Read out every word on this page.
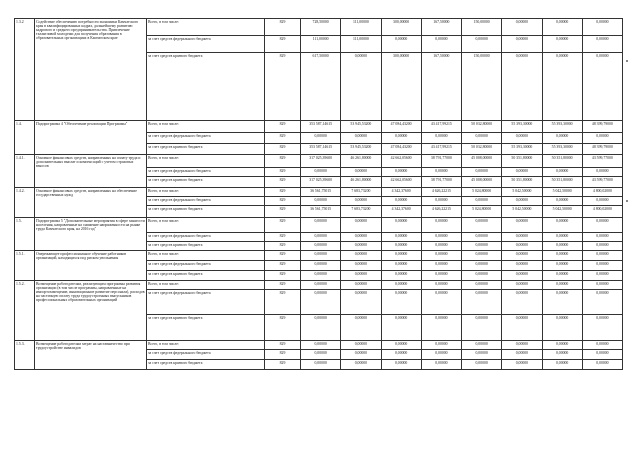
1.3.2	Содействие обеспечению потребности экономики Камчатского края в квалифицированных кадрах, дальнейшему развитию кадрового и среднего предпринимательства. Привлечение талантливой молодежи для получения образования в образовательных организациях в Камчатском крае	Всего, в том числе:	829	728,50000	111,00000	300,00000	167,50000	150,00000	0,00000	0,00000	0,00000
		за счет средств федерального бюджета	829	111,00000	111,00000	0,00000	0,00000	0,00000	0,00000	0,00000	0,00000
		за счет средств краевого бюджета	829	617,50000	0,00000	300,00000	167,50000	150,00000	0,00000	0,00000	0,00000
1.4.	Подпрограмма 4 "Обеспечение реализации Программы"	Всего, в том числе:	829	353 587,14615	53 945,53200	47 084,43200	43 417,99215	50 032,80000	55 393,30000	55 393,30000	48 399,79000
		за счет средств федерального бюджета	829	0,00000	0,00000	0,00000	0,00000	0,00000	0,00000	0,00000	0,00000
		за счет средств краевого бюджета	829	353 587,14615	53 945,53200	47 084,43200	43 417,99215	50 032,80000	55 393,30000	55 393,30000	48 399,79000
1.4.1.	Основное финансовых средств, направленных на оплату труда и дополнительных выплат и компенсаций с учетом страховых взносов	Всего, в том числе:	829	317 025,39600	46 261,80000	42 662,05600	38 791,77000	45 008,00000	50 351,80000	50 351,80000	43 599,77000
		за счет средств федерального бюджета	829	0,00000	0,00000	0,00000	0,00000	0,00000	0,00000	0,00000	0,00000
		за счет средств краевого бюджета	829	317 025,39600	46 261,80000	42 662,05600	38 791,77000	45 008,00000	50 351,80000	50 351,80000	43 599,77000
1.4.2.	Основное финансовых средств, направленных на обеспечение государственных нужд	Всего, в том числе:	829	36 561,75015	7 683,73200	4 342,37600	4 626,22215	5 024,80000	5 042,50000	5 042,50000	4 800,02000
		за счет средств федерального бюджета	829	0,00000	0,00000	0,00000	0,00000	0,00000	0,00000	0,00000	0,00000
		за счет средств краевого бюджета	829	36 561,75015	7 683,73200	4 342,37600	4 626,22215	5 024,80000	5 042,50000	5 042,50000	4 800,02000
1.5.	Подпрограмма 5 "Дополнительные мероприятия в сфере занятости населения, направленные на снижение напряженности на рынке труда Камчатского края, на 2016 год"	Всего, в том числе:	829	0,00000	0,00000	0,00000	0,00000	0,00000	0,00000	0,00000	0,00000
		за счет средств федерального бюджета	829	0,00000	0,00000	0,00000	0,00000	0,00000	0,00000	0,00000	0,00000
		за счет средств краевого бюджета	829	0,00000	0,00000	0,00000	0,00000	0,00000	0,00000	0,00000	0,00000
1.5.1.	Опережающее профессиональное обучение работников организаций, находящихся под риском увольнения	Всего, в том числе:	829	0,00000	0,00000	0,00000	0,00000	0,00000	0,00000	0,00000	0,00000
		за счет средств федерального бюджета	829	0,00000	0,00000	0,00000	0,00000	0,00000	0,00000	0,00000	0,00000
		за счет средств краевого бюджета	829	0,00000	0,00000	0,00000	0,00000	0,00000	0,00000	0,00000	0,00000
1.5.2.	Возмещение работодателям, реализующим программы развития организации (в том числе программы, направленные на импортозамещение, инновационное развитие персонала), расходов на частичную оплату труда трудоустроенных выпускников профессиональных образовательных организаций	Всего, в том числе:	829	0,00000	0,00000	0,00000	0,00000	0,00000	0,00000	0,00000	0,00000
		за счет средств федерального бюджета	829	0,00000	0,00000	0,00000	0,00000	0,00000	0,00000	0,00000	0,00000
		за счет средств краевого бюджета	829	0,00000	0,00000	0,00000	0,00000	0,00000	0,00000	0,00000	0,00000
1.5.3.	Возмещение работодателям затрат на наставничество при трудоустройстве инвалидов	Всего, в том числе:	829	0,00000	0,00000	0,00000	0,00000	0,00000	0,00000	0,00000	0,00000
		за счет средств федерального бюджета	829	0,00000	0,00000	0,00000	0,00000	0,00000	0,00000	0,00000	0,00000
		за счет средств краевого бюджета	829	0,00000	0,00000	0,00000	0,00000	0,00000	0,00000	0,00000	0,00000
